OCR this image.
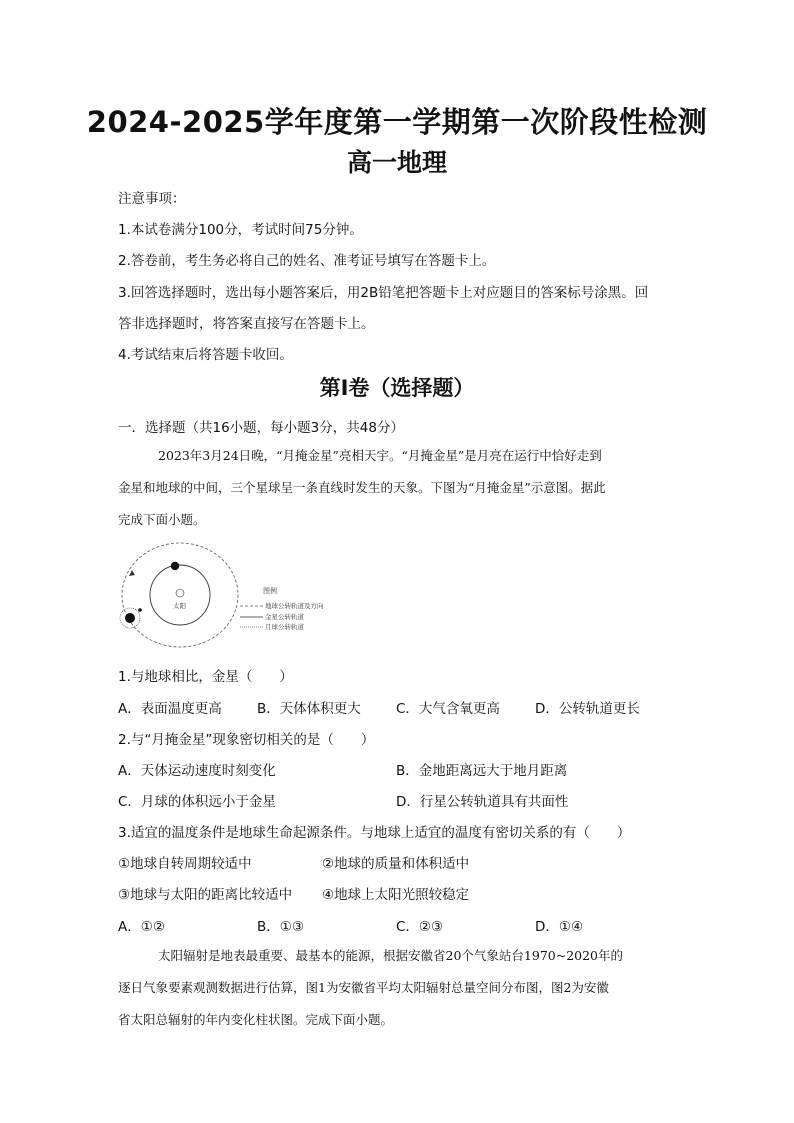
2024-2025学年度第一学期第一次阶段性检测
高一地理
注意事项：
1.本试卷满分100分，考试时间75分钟。
2.答卷前，考生务必将自己的姓名、准考证号填写在答题卡上。
3.回答选择题时，选出每小题答案后，用2B铅笔把答题卡上对应题目的答案标号涂黑。回
答非选择题时，将答案直接写在答题卡上。
4.考试结束后将答题卡收回。
第Ⅰ卷（选择题）
一．选择题（共16小题，每小题3分，共48分）
2023年3月24日晚，“月掩金星”亮相天宇。“月掩金星”是月亮在运行中恰好走到
金星和地球的中间，三个星球呈一条直线时发生的天象。下图为“月掩金星”示意图。据此
完成下面小题。
太阳
图例
地球公转轨道及方向
金星公转轨道
月球公转轨道
1.与地球相比，金星（　　）
A．表面温度更高	B．天体体积更大	C．大气含氧更高	D．公转轨道更长
2.与“月掩金星”现象密切相关的是（　　）
A．天体运动速度时刻变化	B．金地距离远大于地月距离
C．月球的体积远小于金星	D．行星公转轨道具有共面性
3.适宜的温度条件是地球生命起源条件。与地球上适宜的温度有密切关系的有（　　）
①地球自转周期较适中	②地球的质量和体积适中
③地球与太阳的距离比较适中 ④地球上太阳光照较稳定
A．①②	B．①③	C．②③	D．①④
太阳辐射是地表最重要、最基本的能源，根据安徽省20个气象站台1970~2020年的
逐日气象要素观测数据进行估算，图1为安徽省平均太阳辐射总量空间分布图，图2为安徽
省太阳总辐射的年内变化柱状图。完成下面小题。
